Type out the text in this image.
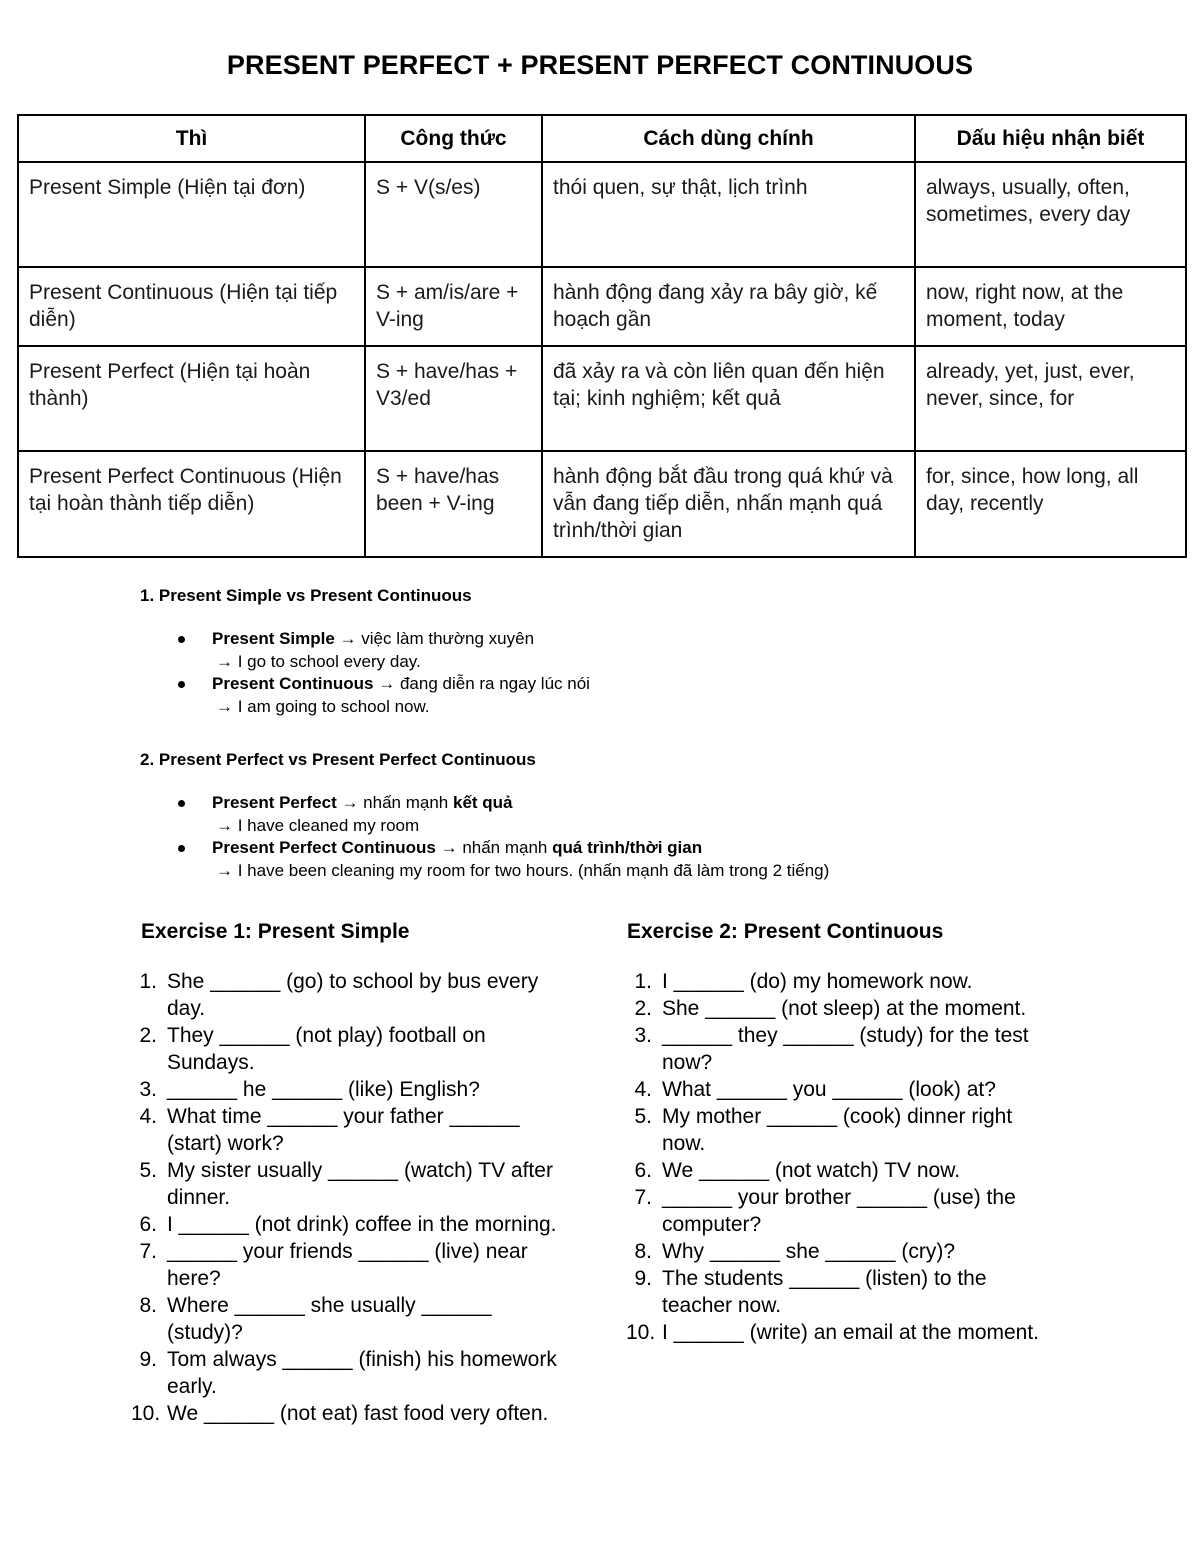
PRESENT PERFECT + PRESENT PERFECT CONTINUOUS
Thì	Công thức	Cách dùng chính	Dấu hiệu nhận biết
Present Simple (Hiện tại đơn)	S + V(s/es)	thói quen, sự thật, lịch trình	always, usually, often, sometimes, every day
Present Continuous (Hiện tại tiếp diễn)	S + am/is/are + V-ing	hành động đang xảy ra bây giờ, kế hoạch gần	now, right now, at the moment, today
Present Perfect (Hiện tại hoàn thành)	S + have/has + V3/ed	đã xảy ra và còn liên quan đến hiện tại; kinh nghiệm; kết quả	already, yet, just, ever, never, since, for
Present Perfect Continuous (Hiện tại hoàn thành tiếp diễn)	S + have/has been + V-ing	hành động bắt đầu trong quá khứ và vẫn đang tiếp diễn, nhấn mạnh quá trình/thời gian	for, since, how long, all day, recently

1. Present Simple vs Present Continuous

Present Simple → việc làm thường xuyên
→ I go to school every day.
Present Continuous → đang diễn ra ngay lúc nói
→ I am going to school now.

2. Present Perfect vs Present Perfect Continuous

Present Perfect → nhấn mạnh kết quả
→ I have cleaned my room
Present Perfect Continuous → nhấn mạnh quá trình/thời gian
→ I have been cleaning my room for two hours. (nhấn mạnh đã làm trong 2 tiếng)

Exercise 1: Present Simple

1. She ______ (go) to school by bus every day.
2. They ______ (not play) football on Sundays.
3. ______ he ______ (like) English?
4. What time ______ your father ______ (start) work?
5. My sister usually ______ (watch) TV after dinner.
6. I ______ (not drink) coffee in the morning.
7. ______ your friends ______ (live) near here?
8. Where ______ she usually ______ (study)?
9. Tom always ______ (finish) his homework early.
10. We ______ (not eat) fast food very often.

Exercise 2: Present Continuous

1. I ______ (do) my homework now.
2. She ______ (not sleep) at the moment.
3. ______ they ______ (study) for the test now?
4. What ______ you ______ (look) at?
5. My mother ______ (cook) dinner right now.
6. We ______ (not watch) TV now.
7. ______ your brother ______ (use) the computer?
8. Why ______ she ______ (cry)?
9. The students ______ (listen) to the teacher now.
10. I ______ (write) an email at the moment.
